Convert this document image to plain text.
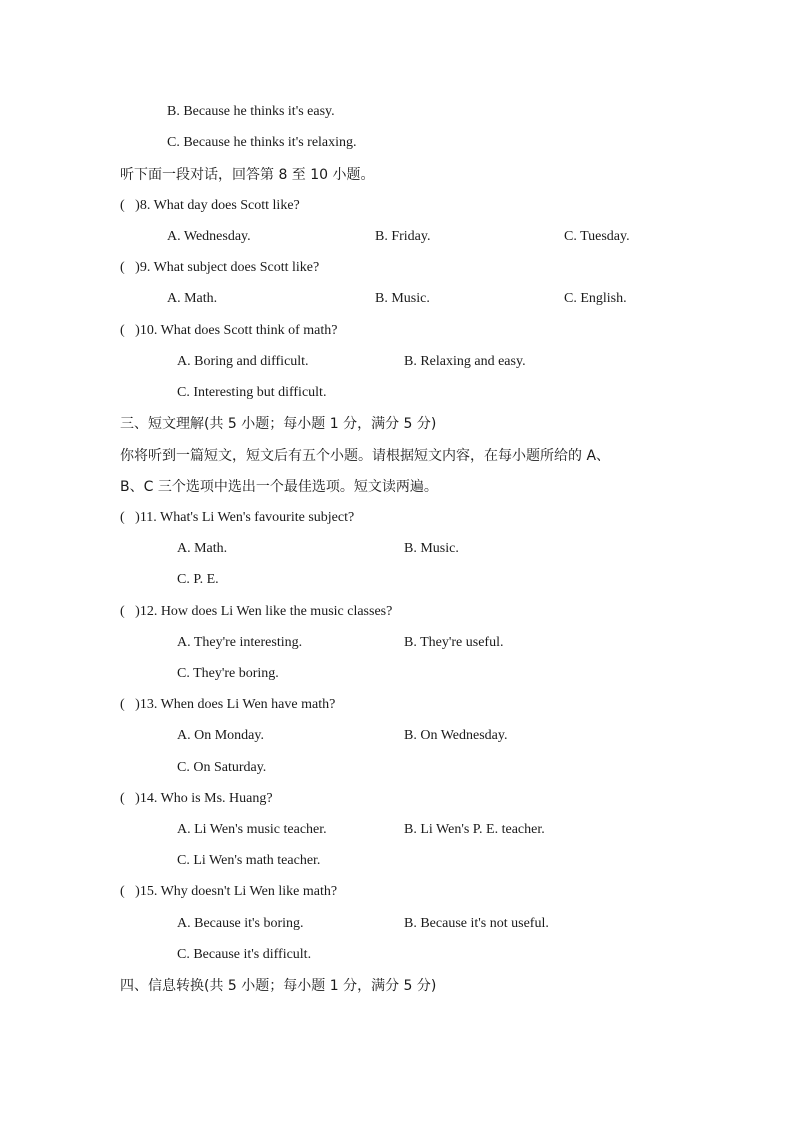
B. Because he thinks it's easy.
C. Because he thinks it's relaxing.
听下面一段对话，回答第 8 至 10 小题。
(   )8. What day does Scott like?
A. Wednesday.	B. Friday.	C. Tuesday.
(   )9. What subject does Scott like?
A. Math.	B. Music.	C. English.
(   )10. What does Scott think of math?
A. Boring and difficult.	B. Relaxing and easy.
C. Interesting but difficult.
三、短文理解(共 5 小题；每小题 1 分，满分 5 分)
你将听到一篇短文，短文后有五个小题。请根据短文内容，在每小题所给的 A、
B、C 三个选项中选出一个最佳选项。短文读两遍。
(   )11. What's Li Wen's favourite subject?
A. Math.	B. Music.
C. P. E.
(   )12. How does Li Wen like the music classes?
A. They're interesting.	B. They're useful.
C. They're boring.
(   )13. When does Li Wen have math?
A. On Monday.	B. On Wednesday.
C. On Saturday.
(   )14. Who is Ms. Huang?
A. Li Wen's music teacher.	B. Li Wen's P. E. teacher.
C. Li Wen's math teacher.
(   )15. Why doesn't Li Wen like math?
A. Because it's boring.	B. Because it's not useful.
C. Because it's difficult.
四、信息转换(共 5 小题；每小题 1 分，满分 5 分)
